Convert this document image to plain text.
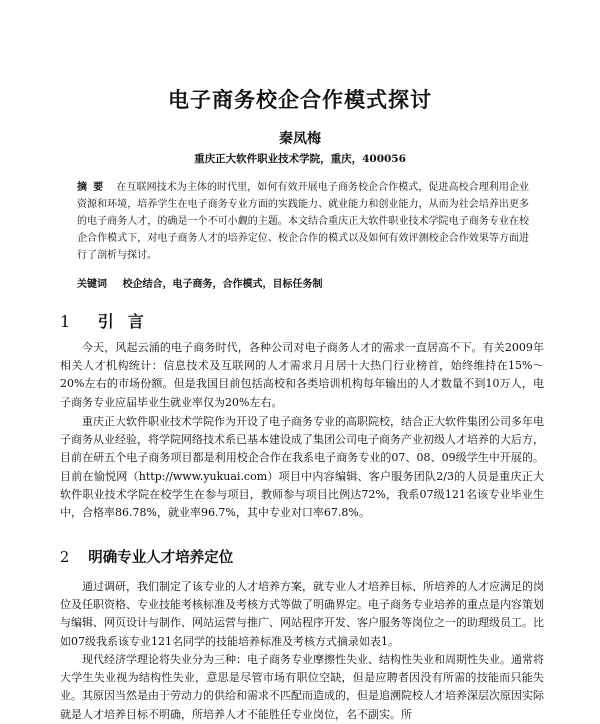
电子商务校企合作模式探讨
秦凤梅
重庆正大软件职业技术学院，重庆，400056
摘要 在互联网技术为主体的时代里，如何有效开展电子商务校企合作模式，促进高校合理利用企业资源和环境，培养学生在电子商务专业方面的实践能力、就业能力和创业能力，从而为社会培养出更多的电子商务人才，的确是一个不可小觑的主题。本文结合重庆正大软件职业技术学院电子商务专业在校企合作模式下，对电子商务人才的培养定位、校企合作的模式以及如何有效评测校企合作效果等方面进行了剖析与探讨。
关键词 校企结合，电子商务，合作模式，目标任务制
1 引言

今天，风起云涌的电子商务时代，各种公司对电子商务人才的需求一直居高不下。有关2009年相关人才机构统计：信息技术及互联网的人才需求月月居十大热门行业榜首，始终维持在15%～20%左右的市场份额。但是我国目前包括高校和各类培训机构每年输出的人才数量不到10万人，电子商务专业应届毕业生就业率仅为20%左右。

重庆正大软件职业技术学院作为开设了电子商务专业的高职院校，结合正大软件集团公司多年电子商务从业经验，将学院网络技术系已基本建设成了集团公司电子商务产业初级人才培养的大后方，目前在研五个电子商务项目都是利用校企合作在我系电子商务专业的07、08、09级学生中开展的。目前在愉悦网（http://www.yukuai.com）项目中内容编辑、客户服务团队2/3的人员是重庆正大软件职业技术学院在校学生在参与项目，教师参与项目比例达72%，我系07级121名该专业毕业生中，合格率86.78%，就业率96.7%，其中专业对口率67.8%。

2 明确专业人才培养定位

通过调研，我们制定了该专业的人才培养方案，就专业人才培养目标、所培养的人才应满足的岗位及任职资格、专业技能考核标准及考核方式等做了明确界定。电子商务专业培养的重点是内容策划与编辑、网页设计与制作、网站运营与推广、网站程序开发、客户服务等岗位之一的助理级员工。比如07级我系该专业121名同学的技能培养标准及考核方式摘录如表1。

现代经济学理论将失业分为三种：电子商务专业摩擦性失业、结构性失业和周期性失业。通常将大学生失业视为结构性失业，意思是尽管市场有职位空缺，但是应聘者因没有所需的技能而只能失业。其原因当然是由于劳动力的供给和需求不匹配而造成的，但是追溯院校人才培养深层次原因实际就是人才培养目标不明确，所培养人才不能胜任专业岗位，名不副实。所
